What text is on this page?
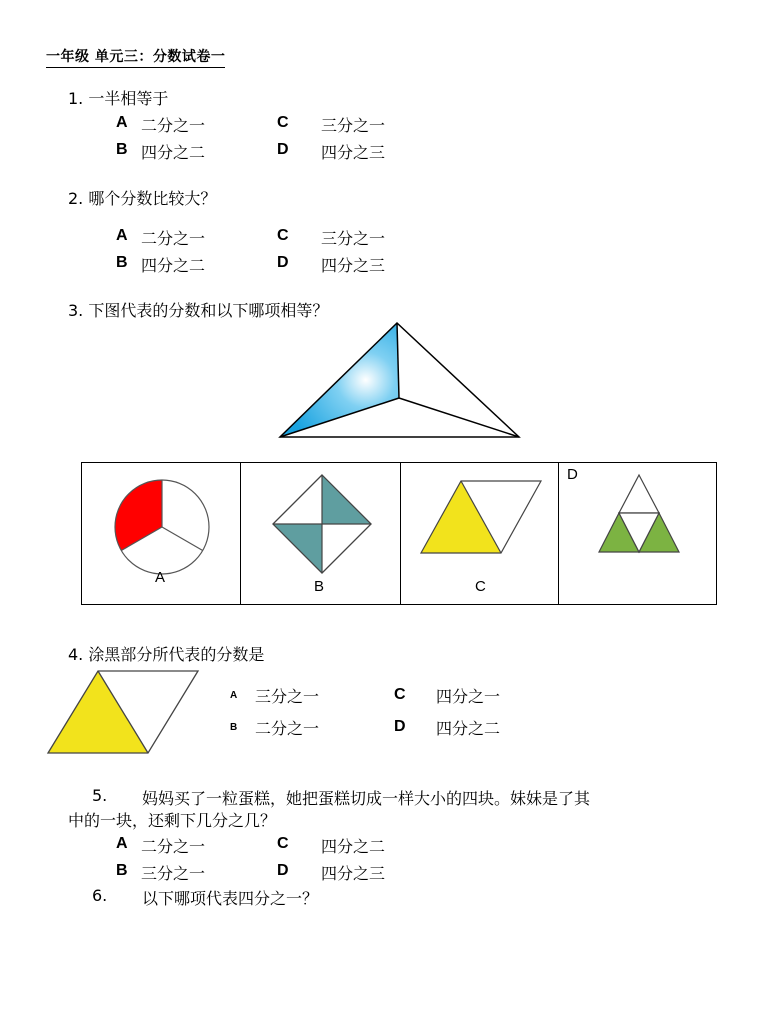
一年级 单元三：分数试卷一
1. 一半相等于
A 二分之一	C 三分之一
B 四分之二	D 四分之三
2. 哪个分数比较大？
A 二分之一	C 三分之一
B 四分之二	D 四分之三
3. 下图代表的分数和以下哪项相等？
A
B	C
D
4. 涂黑部分所代表的分数是
A 三分之一	C 四分之一
B 二分之一	D 四分之二
5. 妈妈买了一粒蛋糕，她把蛋糕切成一样大小的四块。妹妹是了其
中的一块，还剩下几分之几？
A 二分之一	C 四分之二
B 三分之一	D 四分之三
6. 以下哪项代表四分之一？
